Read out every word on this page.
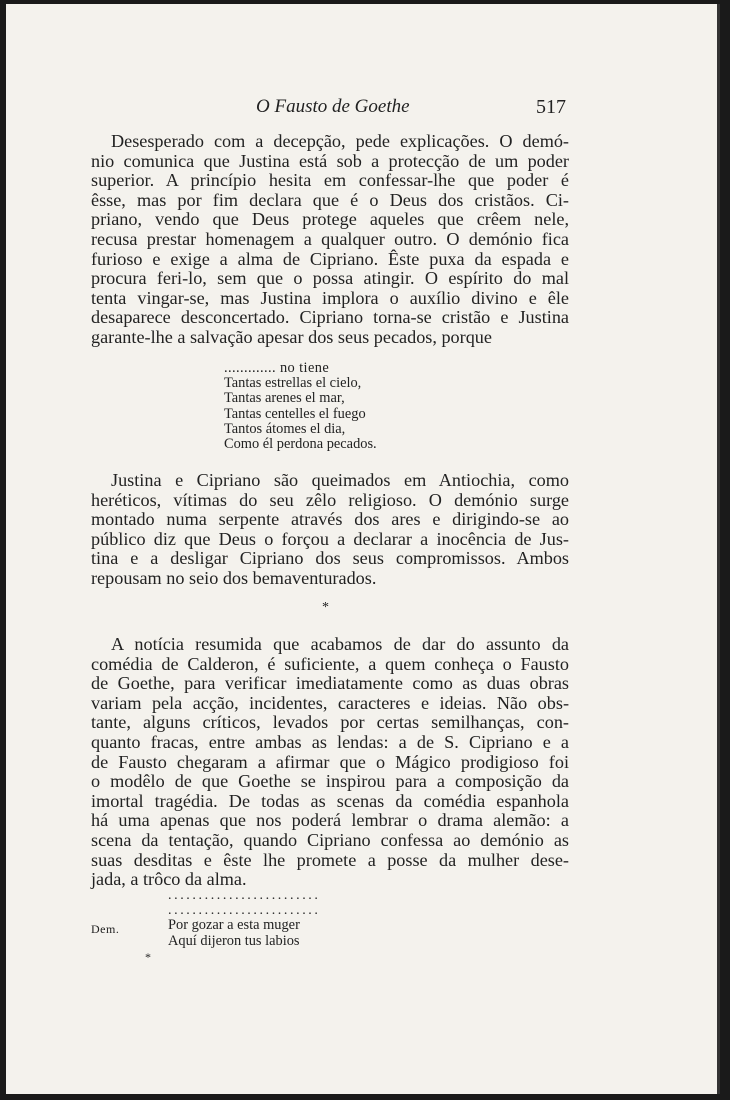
O Fausto de Goethe	517

Desesperado com a decepção, pede explicações. O demó-
nio comunica que Justina está sob a protecção de um poder
superior. A princípio hesita em confessar-lhe que poder é
êsse, mas por fim declara que é o Deus dos cristãos. Ci-
priano, vendo que Deus protege aqueles que crêem nele,
recusa prestar homenagem a qualquer outro. O demónio fica
furioso e exige a alma de Cipriano. Êste puxa da espada e
procura feri-lo, sem que o possa atingir. O espírito do mal
tenta vingar-se, mas Justina implora o auxílio divino e êle
desaparece desconcertado. Cipriano torna-se cristão e Justina
garante-lhe a salvação apesar dos seus pecados, porque

............. no tiene
Tantas estrellas el cielo,
Tantas arenes el mar,
Tantas centelles el fuego
Tantos átomes el dia,
Como él perdona pecados.

Justina e Cipriano são queimados em Antiochia, como
heréticos, vítimas do seu zêlo religioso. O demónio surge
montado numa serpente através dos ares e dirigindo-se ao
público diz que Deus o forçou a declarar a inocência de Jus-
tina e a desligar Cipriano dos seus compromissos. Ambos
repousam no seio dos bemaventurados.

*

A notícia resumida que acabamos de dar do assunto da
comédia de Calderon, é suficiente, a quem conheça o Fausto
de Goethe, para verificar imediatamente como as duas obras
variam pela acção, incidentes, caracteres e ideias. Não obs-
tante, alguns críticos, levados por certas semilhanças, con-
quanto fracas, entre ambas as lendas: a de S. Cipriano e a
de Fausto chegaram a afirmar que o Mágico prodigioso foi
o modêlo de que Goethe se inspirou para a composição da
imortal tragédia. De todas as scenas da comédia espanhola
há uma apenas que nos poderá lembrar o drama alemão: a
scena da tentação, quando Cipriano confessa ao demónio as
suas desditas e êste lhe promete a posse da mulher dese-
jada, a trôco da alma.

.........................
.........................
Dem.	Por gozar a esta muger
Aquí dijeron tus labios
*
